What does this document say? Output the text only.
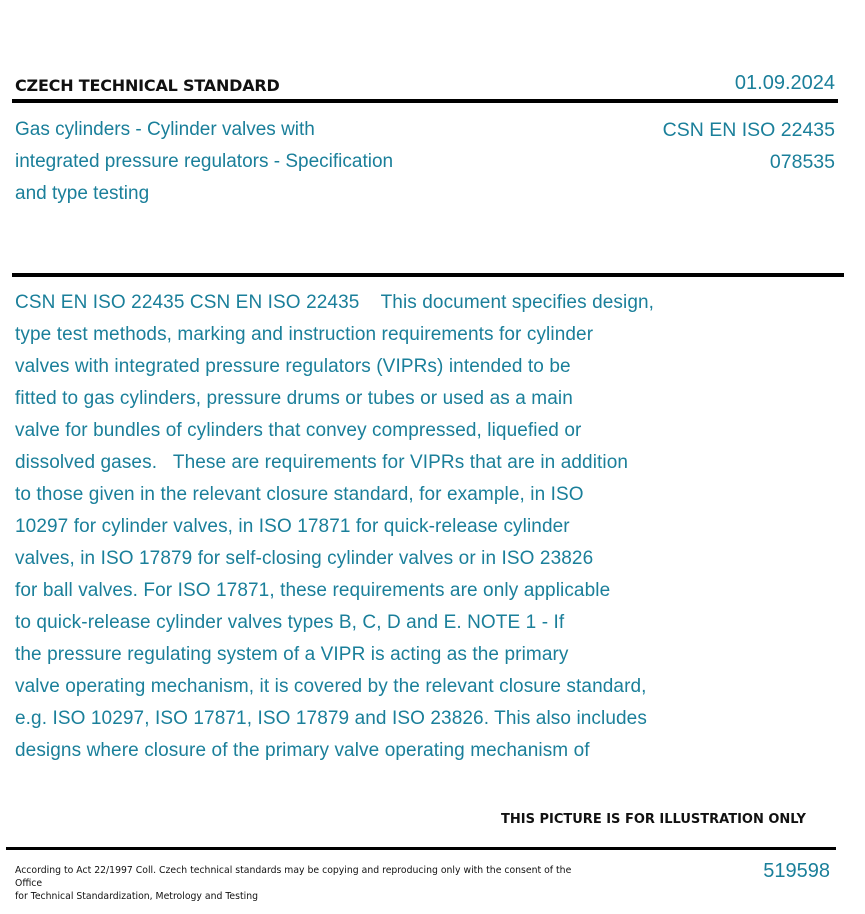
CZECH TECHNICAL STANDARD	01.09.2024
Gas cylinders - Cylinder valves with
integrated pressure regulators - Specification
and type testing
CSN EN ISO 22435
078535
CSN EN ISO 22435 CSN EN ISO 22435    This document specifies design,
type test methods, marking and instruction requirements for cylinder
valves with integrated pressure regulators (VIPRs) intended to be
fitted to gas cylinders, pressure drums or tubes or used as a main
valve for bundles of cylinders that convey compressed, liquefied or
dissolved gases.   These are requirements for VIPRs that are in addition
to those given in the relevant closure standard, for example, in ISO
10297 for cylinder valves, in ISO 17871 for quick-release cylinder
valves, in ISO 17879 for self-closing cylinder valves or in ISO 23826
for ball valves. For ISO 17871, these requirements are only applicable
to quick-release cylinder valves types B, C, D and E. NOTE 1 - If
the pressure regulating system of a VIPR is acting as the primary
valve operating mechanism, it is covered by the relevant closure standard,
e.g. ISO 10297, ISO 17871, ISO 17879 and ISO 23826. This also includes
designs where closure of the primary valve operating mechanism of
THIS PICTURE IS FOR ILLUSTRATION ONLY
According to Act 22/1997 Coll. Czech technical standards may be copying and reproducing only with the consent of the Office
for Technical Standardization, Metrology and Testing
519598
